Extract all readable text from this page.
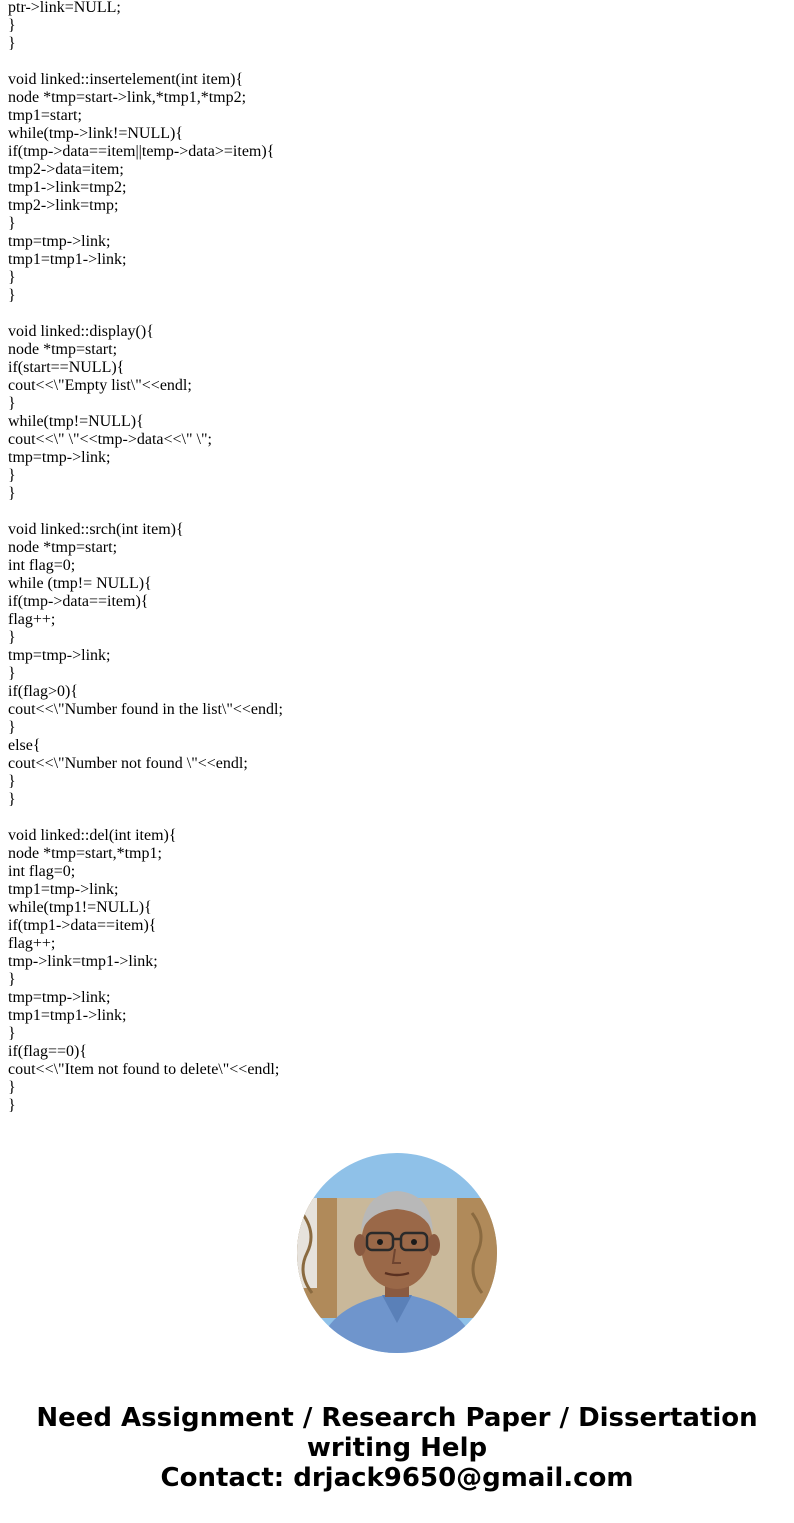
ptr->link=NULL;
}
}
void linked::insertelement(int item){
node *tmp=start->link,*tmp1,*tmp2;
tmp1=start;
while(tmp->link!=NULL){
if(tmp->data==item||temp->data>=item){
tmp2->data=item;
tmp1->link=tmp2;
tmp2->link=tmp;
}
tmp=tmp->link;
tmp1=tmp1->link;
}
}
void linked::display(){
node *tmp=start;
if(start==NULL){
cout<<\"Empty list\"<<endl;
}
while(tmp!=NULL){
cout<<\" \"<<tmp->data<<\" \";
tmp=tmp->link;
}
}
void linked::srch(int item){
node *tmp=start;
int flag=0;
while (tmp!= NULL){
if(tmp->data==item){
flag++;
}
tmp=tmp->link;
}
if(flag>0){
cout<<\"Number found in the list\"<<endl;
}
else{
cout<<\"Number not found \"<<endl;
}
}
void linked::del(int item){
node *tmp=start,*tmp1;
int flag=0;
tmp1=tmp->link;
while(tmp1!=NULL){
if(tmp1->data==item){
flag++;
tmp->link=tmp1->link;
}
tmp=tmp->link;
tmp1=tmp1->link;
}
if(flag==0){
cout<<\"Item not found to delete\"<<endl;
}
}
Need Assignment / Research Paper / Dissertation
writing Help
Contact: drjack9650@gmail.com
